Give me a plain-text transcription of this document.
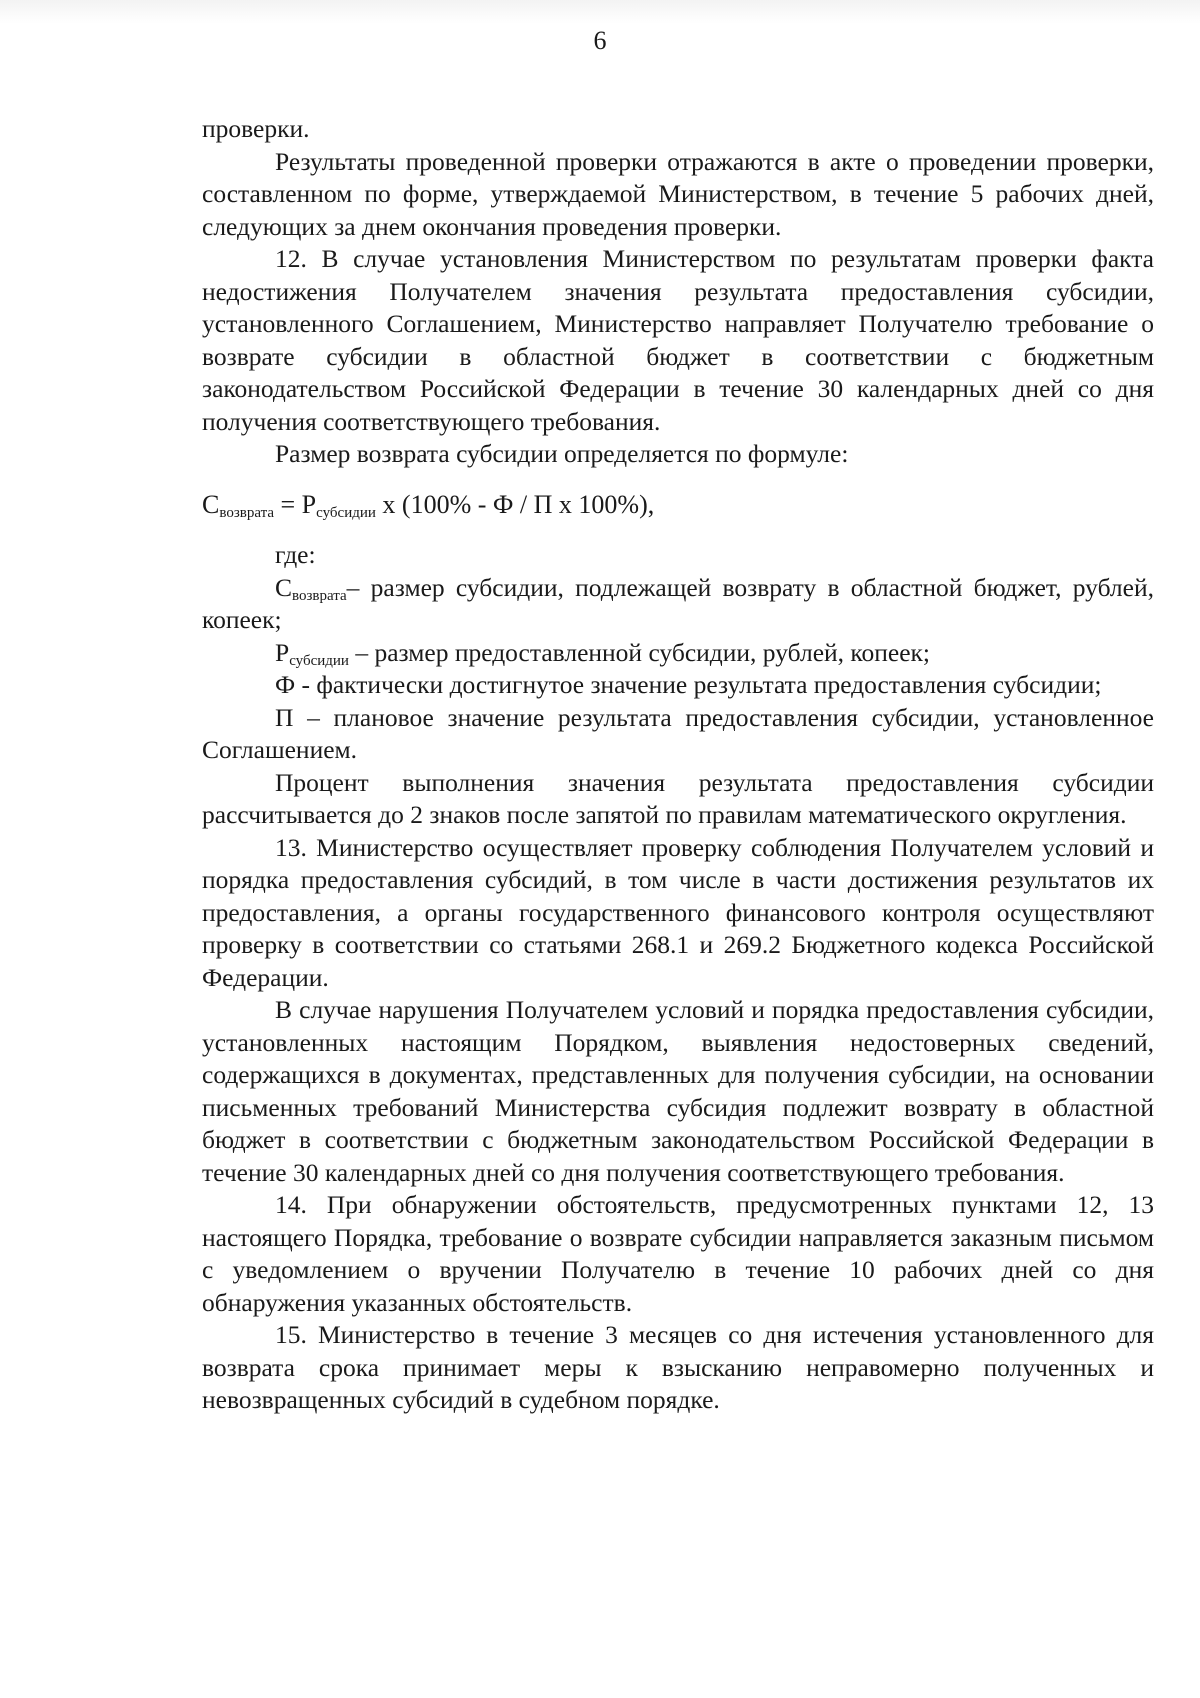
6

проверки.

Результаты проведенной проверки отражаются в акте о проведении проверки, составленном по форме, утверждаемой Министерством, в течение 5 рабочих дней, следующих за днем окончания проведения проверки.

12. В случае установления Министерством по результатам проверки факта недостижения Получателем значения результата предоставления субсидии, установленного Соглашением, Министерство направляет Получателю требование о возврате субсидии в областной бюджет в соответствии с бюджетным законодательством Российской Федерации в течение 30 календарных дней со дня получения соответствующего требования.

Размер возврата субсидии определяется по формуле:

$С_{возврата} = Р_{субсидии}$ х (100% - Ф / П х 100%),

где:

$С_{возврата}-$ размер субсидии, подлежащей возврату в областной бюджет, рублей, копеек;

$Р_{субсидии}$ – размер предоставленной субсидии, рублей, копеек;

Ф - фактически достигнутое значение результата предоставления субсидии;

П – плановое значение результата предоставления субсидии, установленное Соглашением.

Процент выполнения значения результата предоставления субсидии рассчитывается до 2 знаков после запятой по правилам математического округления.

13. Министерство осуществляет проверку соблюдения Получателем условий и порядка предоставления субсидий, в том числе в части достижения результатов их предоставления, а органы государственного финансового контроля осуществляют проверку в соответствии со статьями 268.1 и 269.2 Бюджетного кодекса Российской Федерации.

В случае нарушения Получателем условий и порядка предоставления субсидии, установленных настоящим Порядком, выявления недостоверных сведений, содержащихся в документах, представленных для получения субсидии, на основании письменных требований Министерства субсидия подлежит возврату в областной бюджет в соответствии с бюджетным законодательством Российской Федерации в течение 30 календарных дней со дня получения соответствующего требования.

14. При обнаружении обстоятельств, предусмотренных пунктами 12, 13 настоящего Порядка, требование о возврате субсидии направляется заказным письмом с уведомлением о вручении Получателю в течение 10 рабочих дней со дня обнаружения указанных обстоятельств.

15. Министерство в течение 3 месяцев со дня истечения установленного для возврата срока принимает меры к взысканию неправомерно полученных и невозвращенных субсидий в судебном порядке.
